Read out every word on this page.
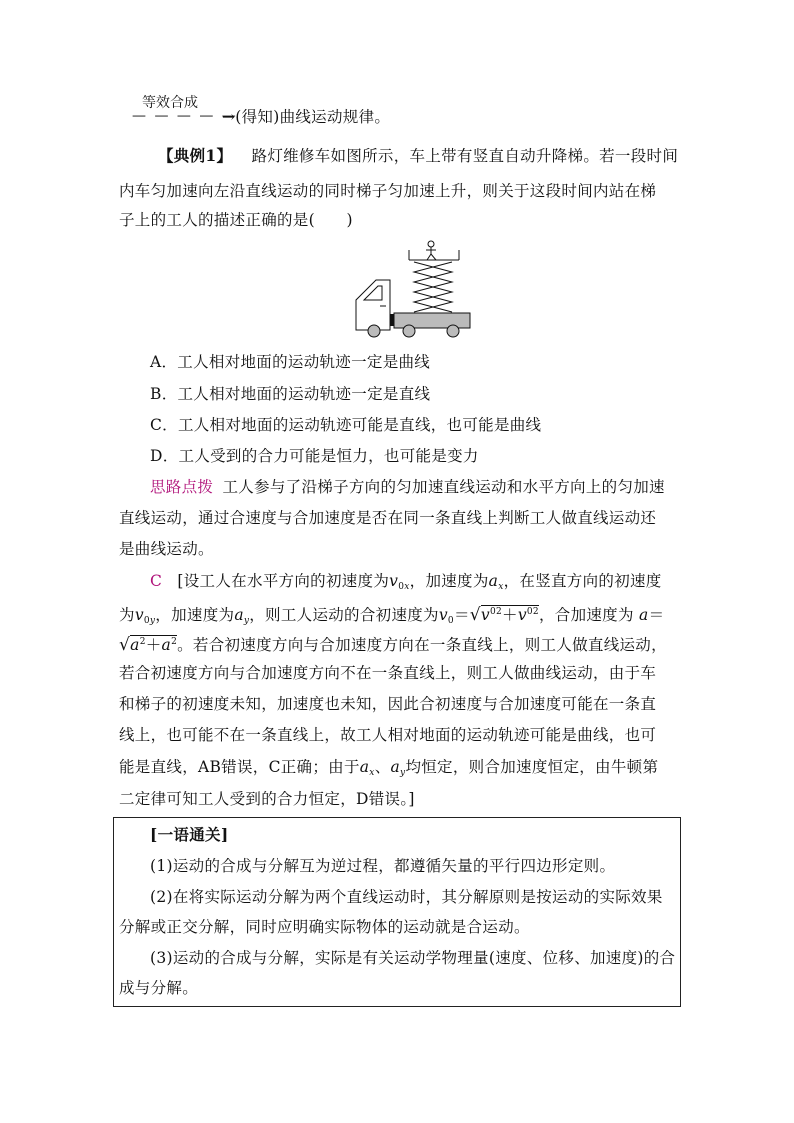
等效合成
— — — — —
→(得知)曲线运动规律。
【典例1】 路灯维修车如图所示，车上带有竖直自动升降梯。若一段时间
内车匀加速向左沿直线运动的同时梯子匀加速上升，则关于这段时间内站在梯
子上的工人的描述正确的是(　　)
A．工人相对地面的运动轨迹一定是曲线
B．工人相对地面的运动轨迹一定是直线
C．工人相对地面的运动轨迹可能是直线，也可能是曲线
D．工人受到的合力可能是恒力，也可能是变力
思路点拨 工人参与了沿梯子方向的匀加速直线运动和水平方向上的匀加速
直线运动，通过合速度与合加速度是否在同一条直线上判断工人做直线运动还
是曲线运动。
C [设工人在水平方向的初速度为$v_{0x}$，加速度为$a_x$，在竖直方向的初速度
为$v_{0y}$，加速度为$a_y$，则工人运动的合初速度为$v_0=√v^{02}+v^{02}$，合加速度为 a＝
$√a^2+a^2$。若合初速度方向与合加速度方向在一条直线上，则工人做直线运动，
若合初速度方向与合加速度方向不在一条直线上，则工人做曲线运动，由于车
和梯子的初速度未知，加速度也未知，因此合初速度与合加速度可能在一条直
线上，也可能不在一条直线上，故工人相对地面的运动轨迹可能是曲线，也可
能是直线，AB错误，C正确；由于$a_x$、$a_y$均恒定，则合加速度恒定，由牛顿第
二定律可知工人受到的合力恒定，D错误。]
[一语通关]
(1)运动的合成与分解互为逆过程，都遵循矢量的平行四边形定则。
(2)在将实际运动分解为两个直线运动时，其分解原则是按运动的实际效果
分解或正交分解，同时应明确实际物体的运动就是合运动。
(3)运动的合成与分解，实际是有关运动学物理量(速度、位移、加速度)的合
成与分解。
